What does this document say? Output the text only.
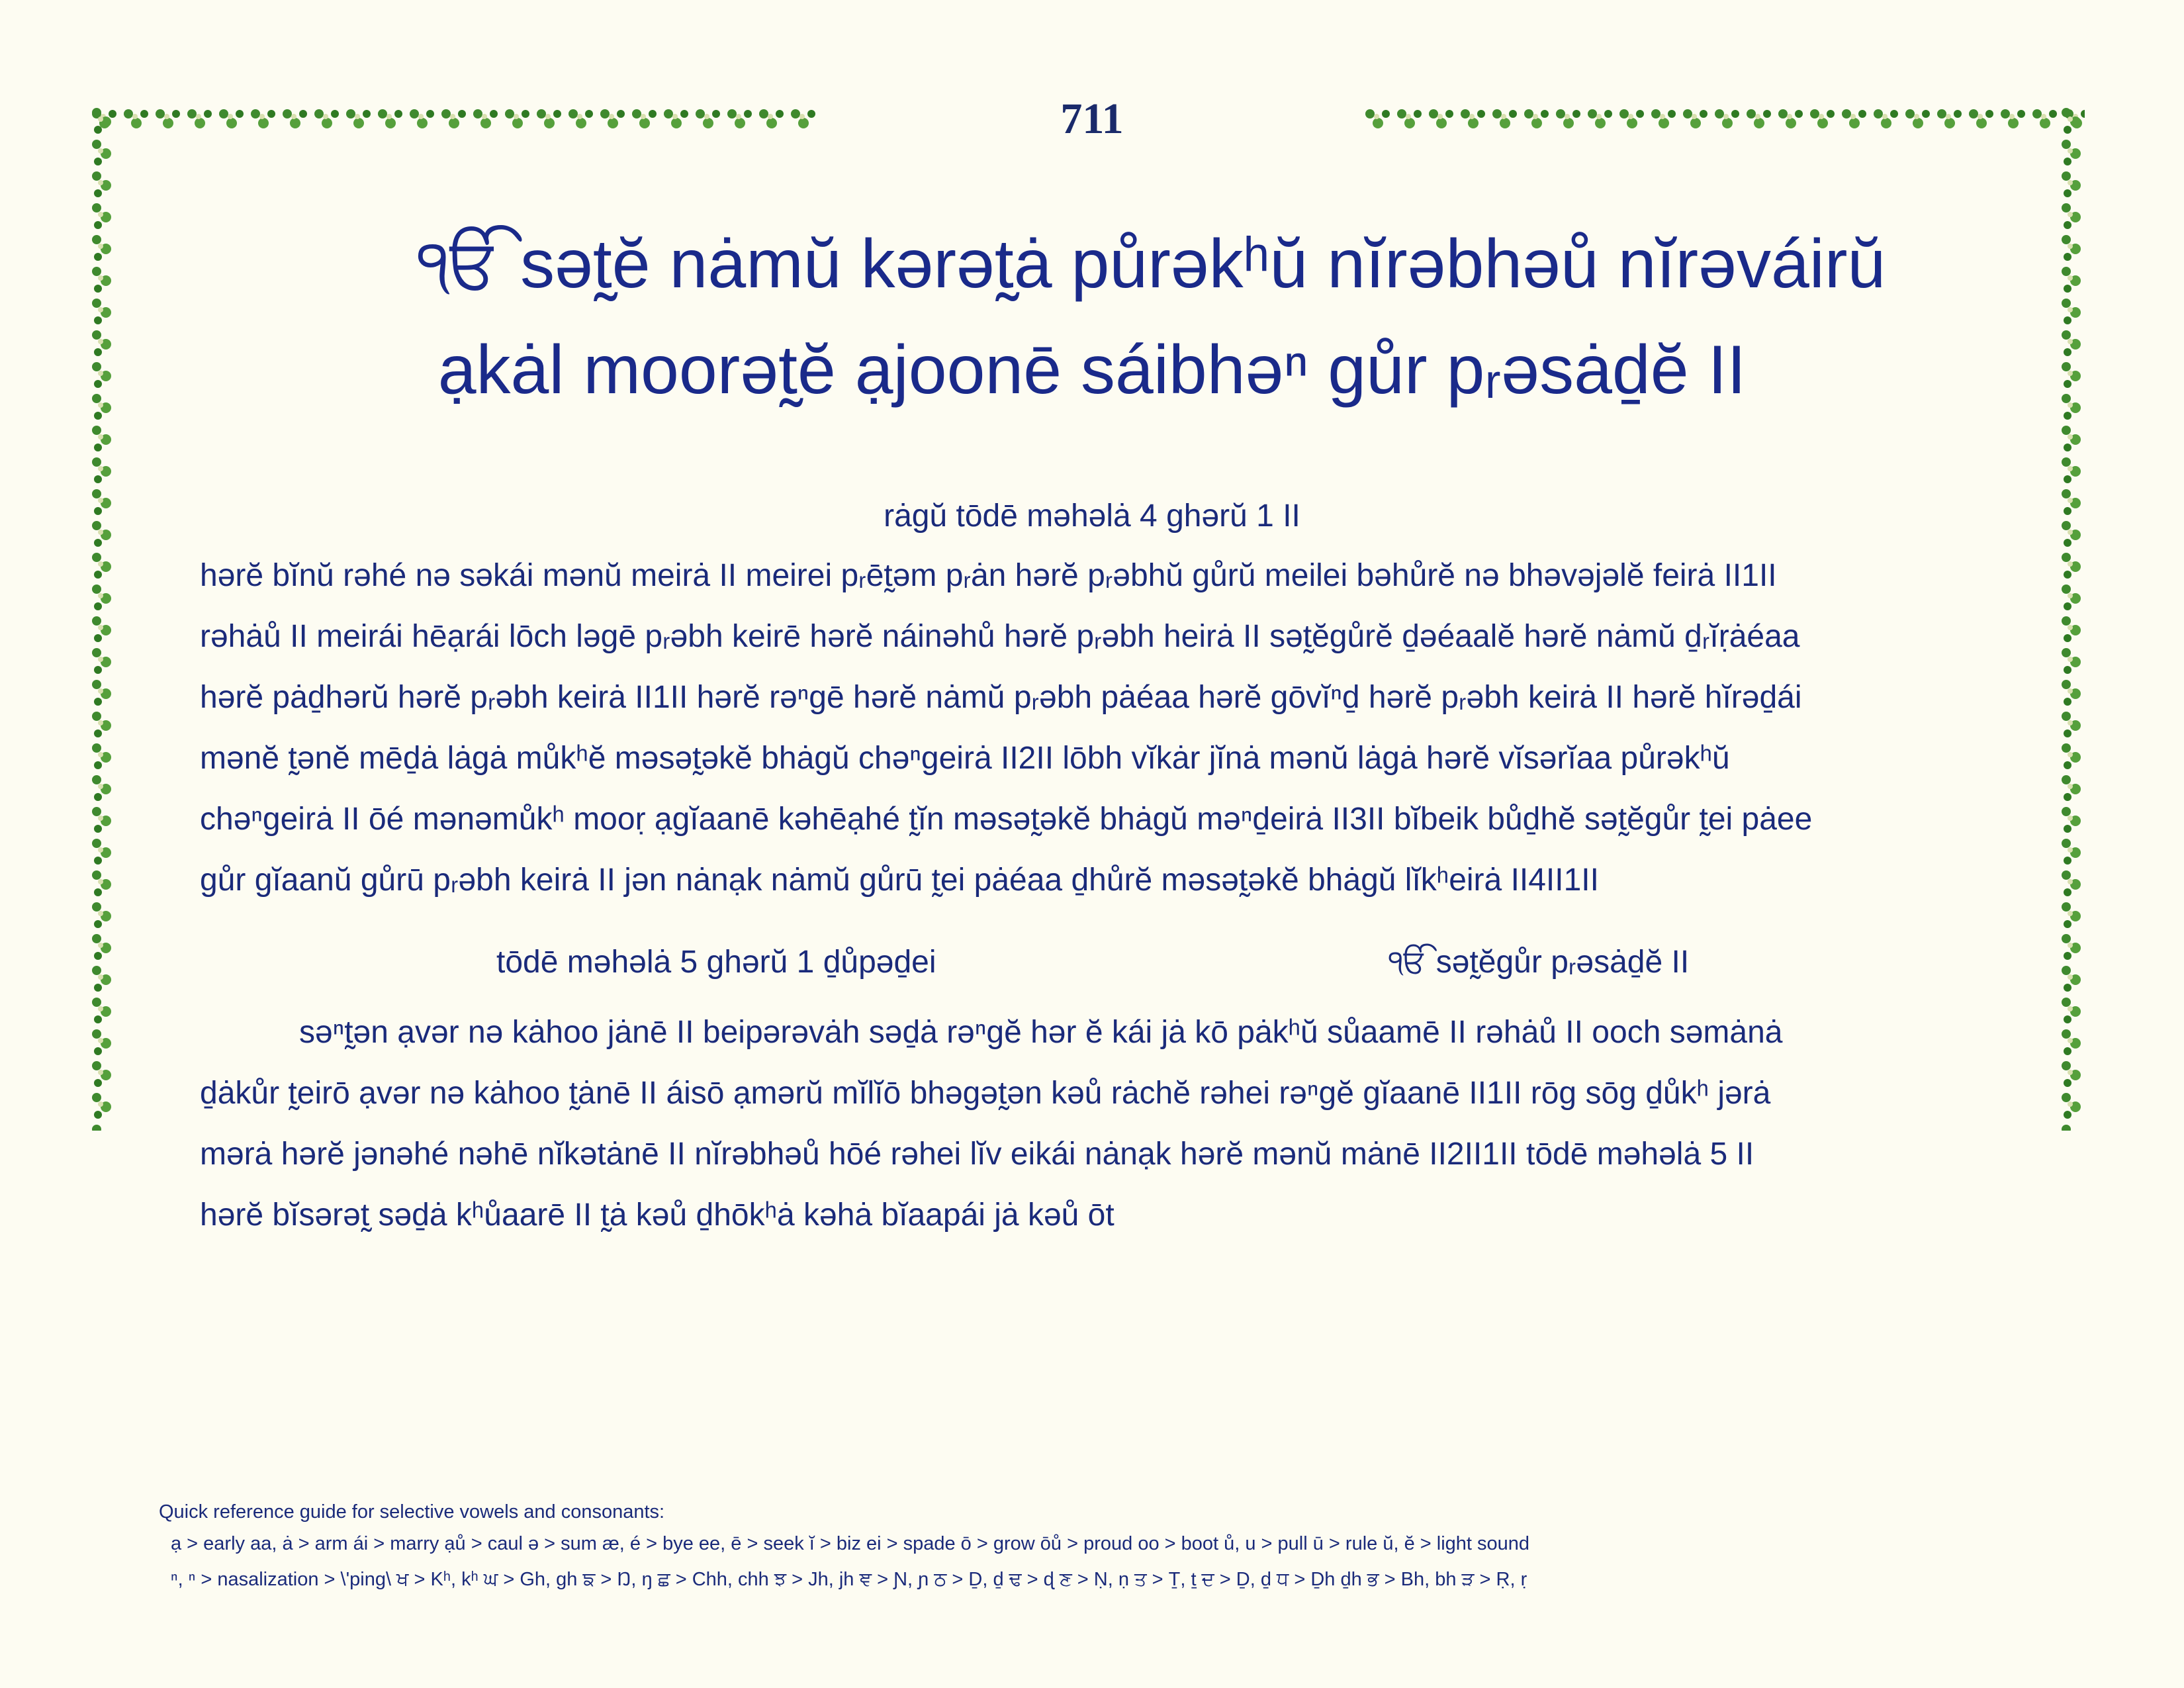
711
ੴ sət̰ĕ nȧmŭ kərət̰ȧ půrəkʰŭ nĭrəbhəů nĭrəváirŭ
ạkȧl moorət̰ĕ ạjoonē sáibhəⁿ gůr pᵣəsȧḏĕ II
rȧgŭ tōdē məhəlȧ 4 ghərŭ 1 II
hərĕ bĭnŭ rəhé nə səkái mənŭ meirȧ II meirei pᵣēt̰əm pᵣȧn hərĕ pᵣəbhŭ gůrŭ meilei bəhůrĕ nə bhəvəjəlĕ feirȧ II1II
rəhȧů II meirái hēạrái lōch ləgē pᵣəbh keirē hərĕ náinəhů hərĕ pᵣəbh heirȧ II sət̰ĕgůrĕ ḏəéaalĕ hərĕ nȧmŭ ḏᵣĭṛȧéaa
hərĕ pȧḏhərŭ hərĕ pᵣəbh keirȧ II1II hərĕ rəⁿgē hərĕ nȧmŭ pᵣəbh pȧéaa hərĕ gōvĭⁿḏ hərĕ pᵣəbh keirȧ II hərĕ hĭrəḏái
mənĕ t̰ənĕ mēḏȧ lȧgȧ můkʰĕ məsət̰əkĕ bhȧgŭ chəⁿgeirȧ II2II lōbh vĭkȧr jĭnȧ mənŭ lȧgȧ hərĕ vĭsərĭaa půrəkʰŭ
chəⁿgeirȧ II ōé mənəmůkʰ mooṛ ạgĭaanē kəhēạhé t̰ĭn məsət̰əkĕ bhȧgŭ məⁿḏeirȧ II3II bĭbeik bůḏhĕ sət̰ĕgůr t̰ei pȧee
gůr gĭaanŭ gůrū pᵣəbh keirȧ II jən nȧnạk nȧmŭ gůrū t̰ei pȧéaa ḏhůrĕ məsət̰əkĕ bhȧgŭ lĭkʰeirȧ II4II1II
tōdē məhəlȧ 5 ghərŭ 1 ḏůpəḏei	ੴ sət̰ĕgůr pᵣəsȧḏĕ II
səⁿt̰ən ạvər nə kȧhoo jȧnē II beipərəvȧh səḏȧ rəⁿgĕ hər ĕ kái jȧ kō pȧkʰŭ sůaamē II rəhȧů II ooch səmȧnȧ
ḏȧkůr t̰eirō ạvər nə kȧhoo t̰ȧnē II áisō ạmərŭ mĭlĭō bhəgət̰ən kəů rȧchĕ rəhei rəⁿgĕ gĭaanē II1II rōg sōg ḏůkʰ jərȧ
mərȧ hərĕ jənəhé nəhē nĭkətȧnē II nĭrəbhəů hōé rəhei lĭv eikái nȧnạk hərĕ mənŭ mȧnē II2II1II tōdē məhəlȧ 5 II
hərĕ bĭsərət̰ səḏȧ kʰůaarē II t̰ȧ kəů ḏhōkʰȧ kəhȧ bĭaapái jȧ kəů ōt
Quick reference guide for selective vowels and consonants:
ạ > early aa, ȧ > arm ái > marry ạů > caul ə > sum æ, é > bye ee, ē > seek ĭ > biz ei > spade ō > grow ōů > proud oo > boot ů, u > pull ū > rule ŭ, ĕ > light sound
ⁿ, ⁿ > nasalization > \'ping\ ਖ > Kʰ, kʰ ਘ > Gh, gh ਙ > Ŋ, ŋ ਛ > Chh, chh ਝ > Jh, jh ਞ > Ɲ, ɲ ਠ > Ḏ, ḏ ਢ > ɖ ਣ > Ṇ, ṇ ਤ > Ṯ, ṯ ਦ > Ḏ, ḏ ਧ > Ḏh ḏh ਭ > Bh, bh ੜ > Ṛ, ṛ
